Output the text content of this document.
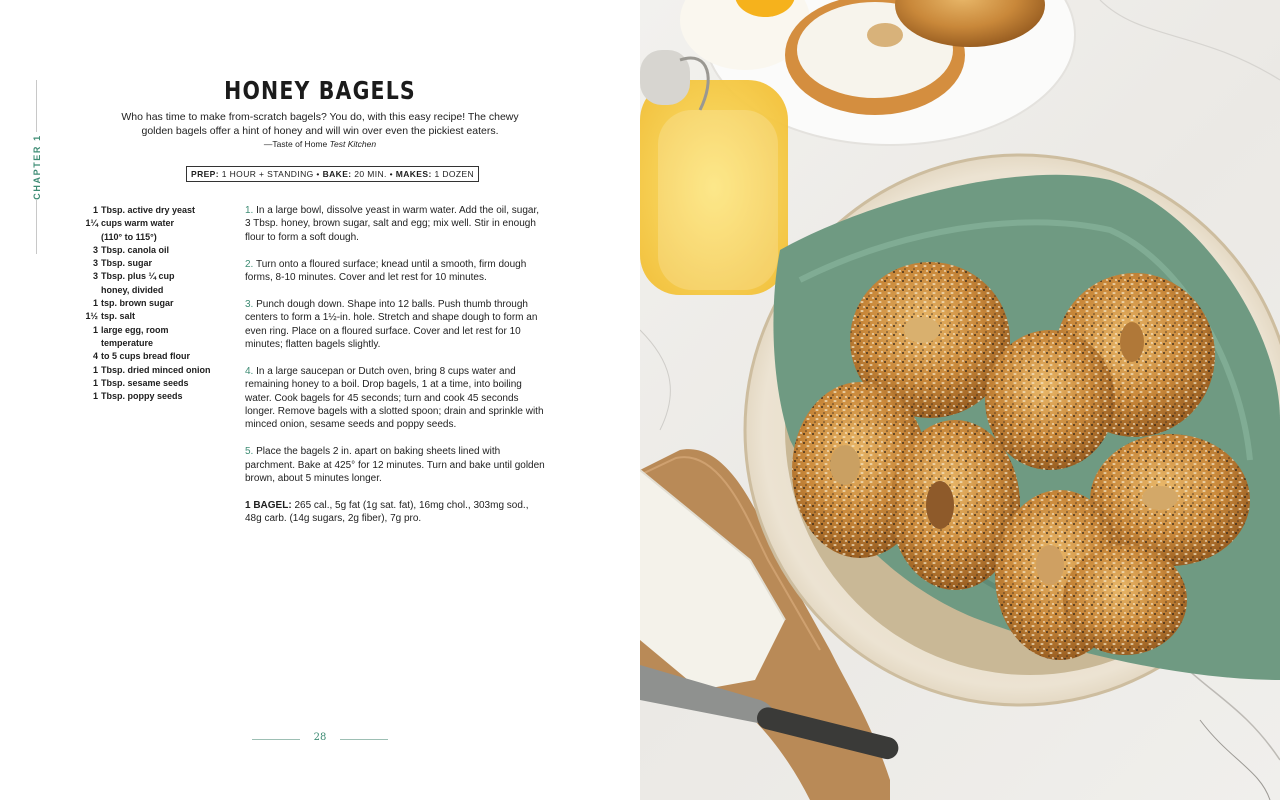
CHAPTER 1
HONEY BAGELS
Who has time to make from-scratch bagels? You do, with this easy recipe! The chewy golden bagels offer a hint of honey and will win over even the pickiest eaters.
—Taste of Home Test Kitchen
PREP: 1 HOUR + STANDING • BAKE: 20 MIN. • MAKES: 1 DOZEN
1 Tbsp. active dry yeast
1¼ cups warm water
(110° to 115°)
3 Tbsp. canola oil
3 Tbsp. sugar
3 Tbsp. plus ¼ cup
honey, divided
1 tsp. brown sugar
1½ tsp. salt
1 large egg, room
temperature
4 to 5 cups bread flour
1 Tbsp. dried minced onion
1 Tbsp. sesame seeds
1 Tbsp. poppy seeds

1. In a large bowl, dissolve yeast in warm water. Add the oil, sugar, 3 Tbsp. honey, brown sugar, salt and egg; mix well. Stir in enough flour to form a soft dough.

2. Turn onto a floured surface; knead until a smooth, firm dough forms, 8-10 minutes. Cover and let rest for 10 minutes.

3. Punch dough down. Shape into 12 balls. Push thumb through centers to form a 1½-in. hole. Stretch and shape dough to form an even ring. Place on a floured surface. Cover and let rest for 10 minutes; flatten bagels slightly.

4. In a large saucepan or Dutch oven, bring 8 cups water and remaining honey to a boil. Drop bagels, 1 at a time, into boiling water. Cook bagels for 45 seconds; turn and cook 45 seconds longer. Remove bagels with a slotted spoon; drain and sprinkle with minced onion, sesame seeds and poppy seeds.

5. Place the bagels 2 in. apart on baking sheets lined with parchment. Bake at 425° for 12 minutes. Turn and bake until golden brown, about 5 minutes longer.

1 BAGEL: 265 cal., 5g fat (1g sat. fat), 16mg chol., 303mg sod., 48g carb. (14g sugars, 2g fiber), 7g pro.

28
